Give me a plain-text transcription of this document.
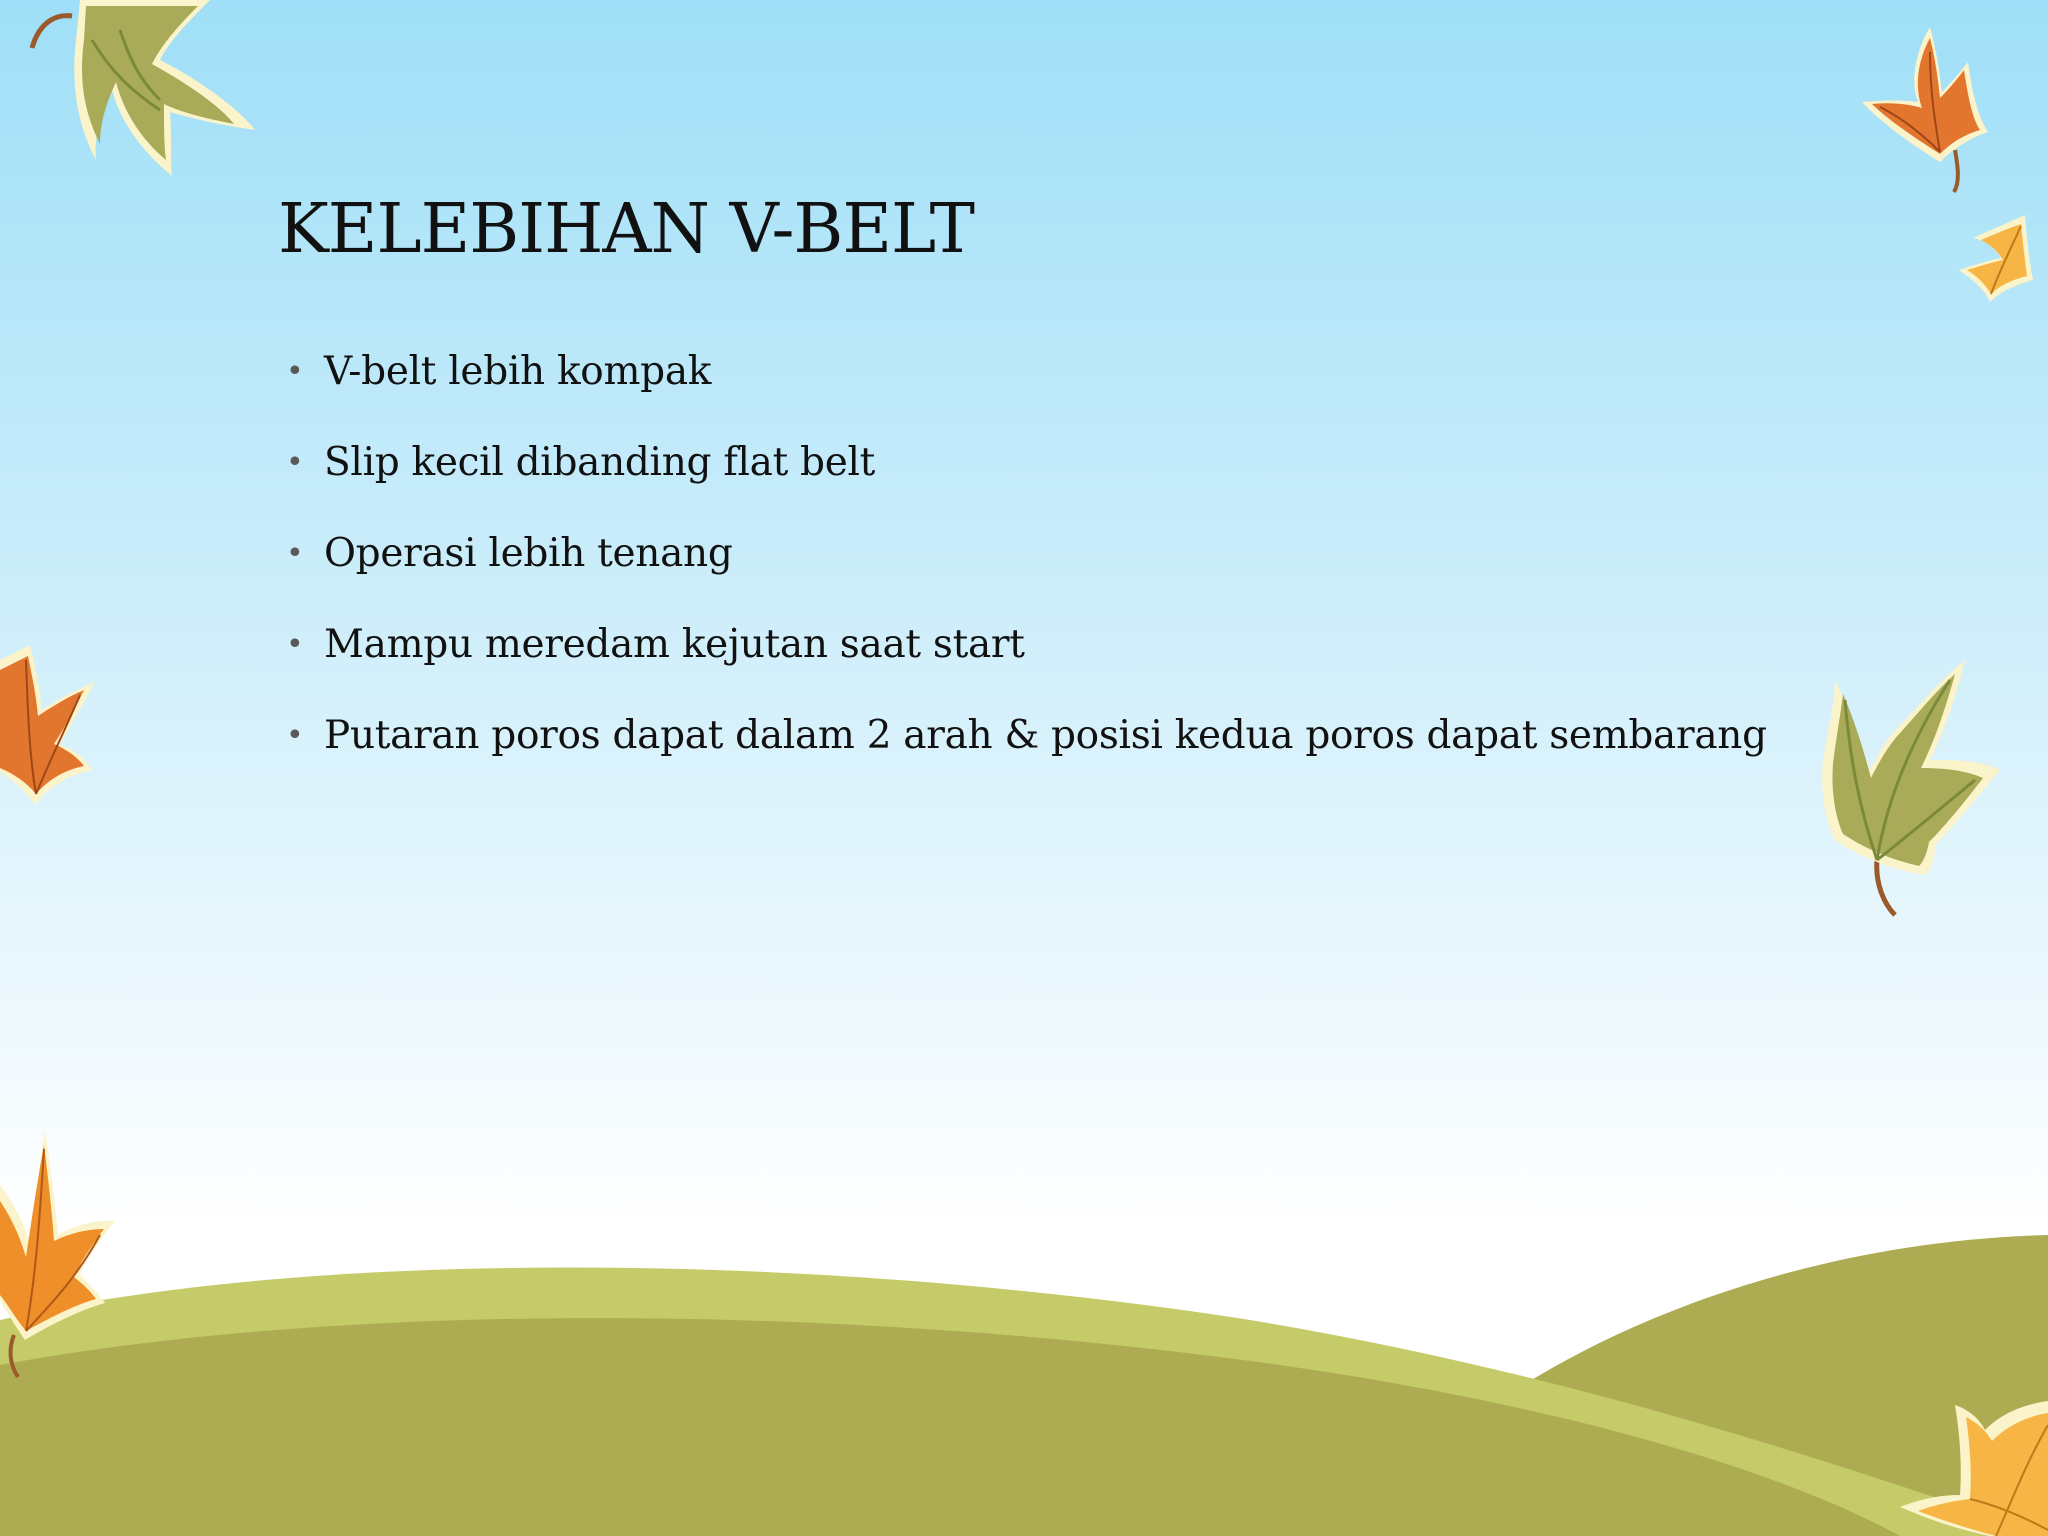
KELEBIHAN V-BELT
• V-belt lebih kompak
• Slip kecil dibanding flat belt
• Operasi lebih tenang
• Mampu meredam kejutan saat start
• Putaran poros dapat dalam 2 arah & posisi kedua poros dapat sembarang
